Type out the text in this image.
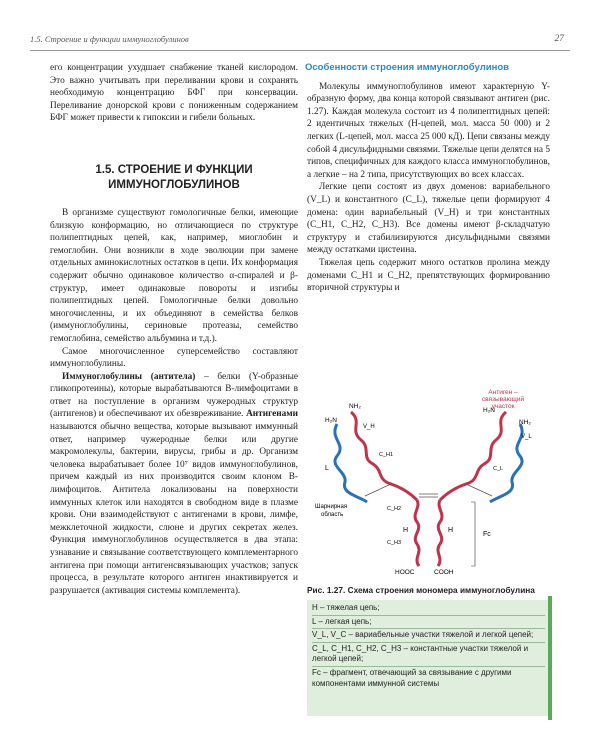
1.5. Строение и функции иммуноглобулинов	27

его концентрации ухудшает снабжение тканей кислородом. Это важно учитывать при переливании крови и сохранять необходимую концентрацию БФГ при консервации. Переливание донорской крови с пониженным содержанием БФГ может привести к гипоксии и гибели больных.

1.5. СТРОЕНИЕ И ФУНКЦИИ
ИММУНОГЛОБУЛИНОВ

В организме существуют гомологичные белки, имеющие близкую конформацию, но отличающиеся по структуре полипептидных цепей, как, например, миоглобин и гемоглобин. Они возникли в ходе эволюции при замене отдельных аминокислотных остатков в цепи. Их конформация содержит обычно одинаковое количество α-спиралей и β-структур, имеет одинаковые повороты и изгибы полипептидных цепей. Гомологичные белки довольно многочисленны, и их объединяют в семейства белков (иммуноглобулины, сериновые протеазы, семейство гемоглобина, семейство альбумина и т.д.).

Самое многочисленное суперсемейство составляют иммуноглобулины.

Иммуноглобулины (антитела) – белки (Y-образные гликопротеины), которые вырабатываются В-лимфоцитами в ответ на поступление в организм чужеродных структур (антигенов) и обеспечивают их обезвреживание. Антигенами называются обычно вещества, которые вызывают иммунный ответ, например чужеродные белки или другие макромолекулы, бактерии, вирусы, грибы и др. Организм человека вырабатывает более 10⁷ видов иммуноглобулинов, причем каждый из них производится своим клоном В-лимфоцитов. Антитела локализованы на поверхности иммунных клеток или находятся в свободном виде в плазме крови. Они взаимодействуют с антигенами в крови, лимфе, межклеточной жидкости, слюне и других секретах желез. Функция иммуноглобулинов осуществляется в два этапа: узнавание и связывание соответствующего комплементарного антигена при помощи антигенсвязывающих участков; запуск процесса, в результате которого антиген инактивируется и разрушается (активация системы комплемента).

Особенности строения иммуноглобулинов

Молекулы иммуноглобулинов имеют характерную Y-образную форму, два конца которой связывают антиген (рис. 1.27). Каждая молекула состоит из 4 полипептидных цепей: 2 идентичных тяжелых (Н-цепей, мол. масса 50 000) и 2 легких (L-цепей, мол. масса 25 000 кД). Цепи связаны между собой 4 дисульфидными связями. Тяжелые цепи делятся на 5 типов, специфичных для каждого класса иммуноглобулинов, а легкие – на 2 типа, присутствующих во всех классах.

Легкие цепи состоят из двух доменов: вариабельного (V_L) и константного (C_L), тяжелые цепи формируют 4 домена: один вариабельный (V_H) и три константных (C_H1, C_H2, C_H3). Все домены имеют β-складчатую структуру и стабилизируются дисульфидными связями между остатками цистеина.

Тяжелая цепь содержит много остатков пролина между доменами C_H1 и C_H2, препятствующих формированию вторичной структуры и

Антиген –
связывающий
участок
H₂N
NH₂
H₂N
NH₂
V_H
V_L
C_H1
C_L
L
C_H2
C_H3
H	H
Fc
Шарнирная
область
HOOC	COOH
Рис. 1.27. Схема строения мономера иммуноглобулина
H – тяжелая цепь;
L – легкая цепь;
V_L, V_C – вариабельные участки тяжелой и легкой цепей;
C_L, C_H1, C_H2, C_H3 – константные участки тяжелой и легкой цепей;
Fc – фрагмент, отвечающий за связывание с другими компонентами иммунной системы
